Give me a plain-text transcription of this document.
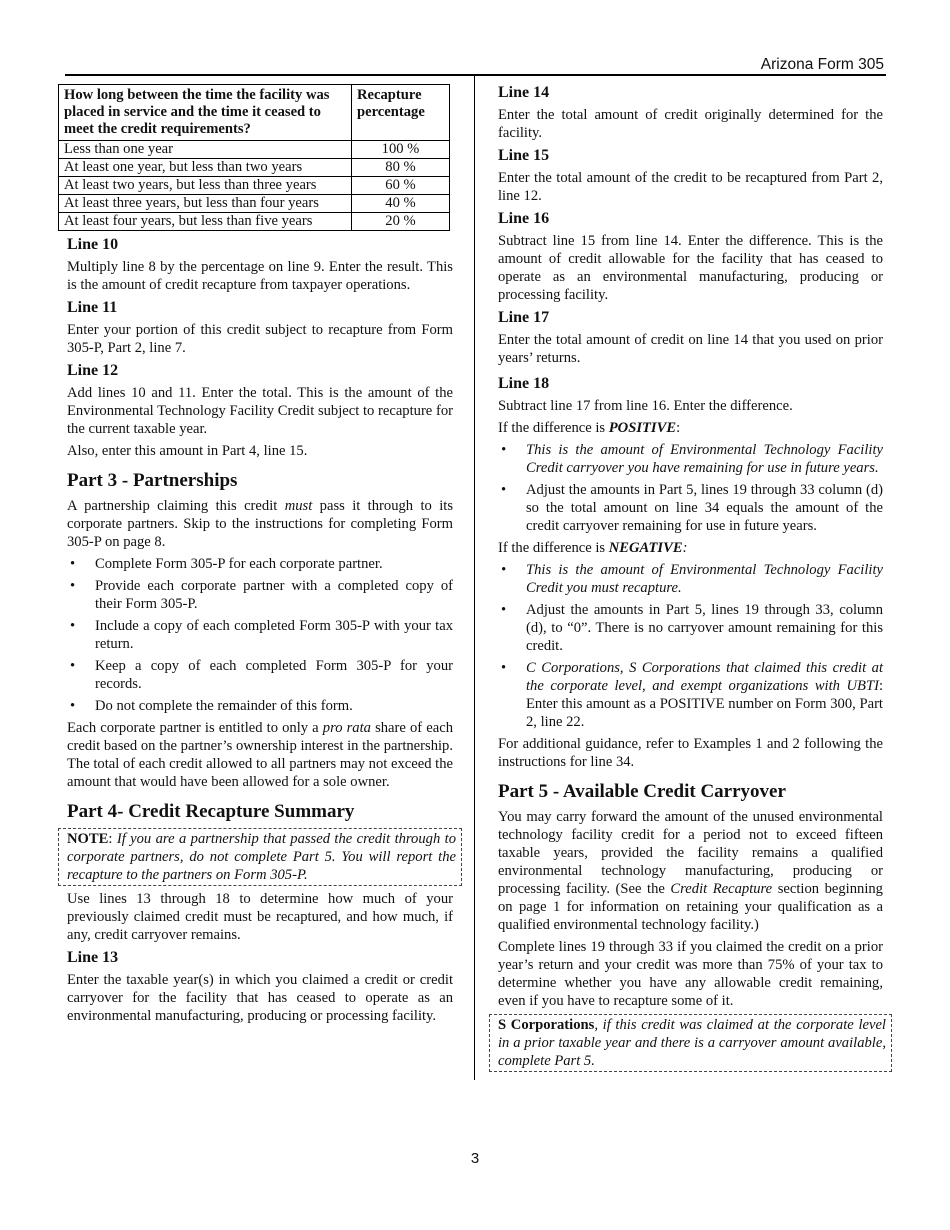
Arizona Form 305
How long between the time the facility was placed in service and the time it ceased to meet the credit requirements?	Recapture percentage
Less than one year	100 %
At least one year, but less than two years	80 %
At least two years, but less than three years	60 %
At least three years, but less than four years	40 %
At least four years, but less than five years	20 %
Line 10

Multiply line 8 by the percentage on line 9. Enter the result. This is the amount of credit recapture from taxpayer operations.

Line 11

Enter your portion of this credit subject to recapture from Form 305-P, Part 2, line 7.

Line 12

Add lines 10 and 11. Enter the total. This is the amount of the Environmental Technology Facility Credit subject to recapture for the current taxable year.

Also, enter this amount in Part 4, line 15.

Part 3 - Partnerships

A partnership claiming this credit must pass it through to its corporate partners. Skip to the instructions for completing Form 305-P on page 8.

• Complete Form 305-P for each corporate partner.
• Provide each corporate partner with a completed copy of their Form 305-P.
• Include a copy of each completed Form 305-P with your tax return.
• Keep a copy of each completed Form 305-P for your records.
• Do not complete the remainder of this form.

Each corporate partner is entitled to only a pro rata share of each credit based on the partner’s ownership interest in the partnership. The total of each credit allowed to all partners may not exceed the amount that would have been allowed for a sole owner.

Part 4- Credit Recapture Summary

NOTE: If you are a partnership that passed the credit through to corporate partners, do not complete Part 5. You will report the recapture to the partners on Form 305-P.

Use lines 13 through 18 to determine how much of your previously claimed credit must be recaptured, and how much, if any, credit carryover remains.

Line 13

Enter the taxable year(s) in which you claimed a credit or credit carryover for the facility that has ceased to operate as an environmental manufacturing, producing or processing facility.

Line 14

Enter the total amount of credit originally determined for the facility.

Line 15

Enter the total amount of the credit to be recaptured from Part 2, line 12.

Line 16

Subtract line 15 from line 14. Enter the difference. This is the amount of credit allowable for the facility that has ceased to operate as an environmental manufacturing, producing or processing facility.

Line 17

Enter the total amount of credit on line 14 that you used on prior years’ returns.

Line 18

Subtract line 17 from line 16. Enter the difference.

If the difference is POSITIVE:

• This is the amount of Environmental Technology Facility Credit carryover you have remaining for use in future years.
• Adjust the amounts in Part 5, lines 19 through 33 column (d) so the total amount on line 34 equals the amount of the credit carryover remaining for use in future years.

If the difference is NEGATIVE:

• This is the amount of Environmental Technology Facility Credit you must recapture.
• Adjust the amounts in Part 5, lines 19 through 33, column (d), to “0”. There is no carryover amount remaining for this credit.
• C Corporations, S Corporations that claimed this credit at the corporate level, and exempt organizations with UBTI: Enter this amount as a POSITIVE number on Form 300, Part 2, line 22.

For additional guidance, refer to Examples 1 and 2 following the instructions for line 34.

Part 5 - Available Credit Carryover

You may carry forward the amount of the unused environmental technology facility credit for a period not to exceed fifteen taxable years, provided the facility remains a qualified environmental technology manufacturing, producing or processing facility. (See the Credit Recapture section beginning on page 1 for information on retaining your qualification as a qualified environmental technology facility.)

Complete lines 19 through 33 if you claimed the credit on a prior year’s return and your credit was more than 75% of your tax to determine whether you have any allowable credit remaining, even if you have to recapture some of it.

S Corporations, if this credit was claimed at the corporate level in a prior taxable year and there is a carryover amount available, complete Part 5.

3
